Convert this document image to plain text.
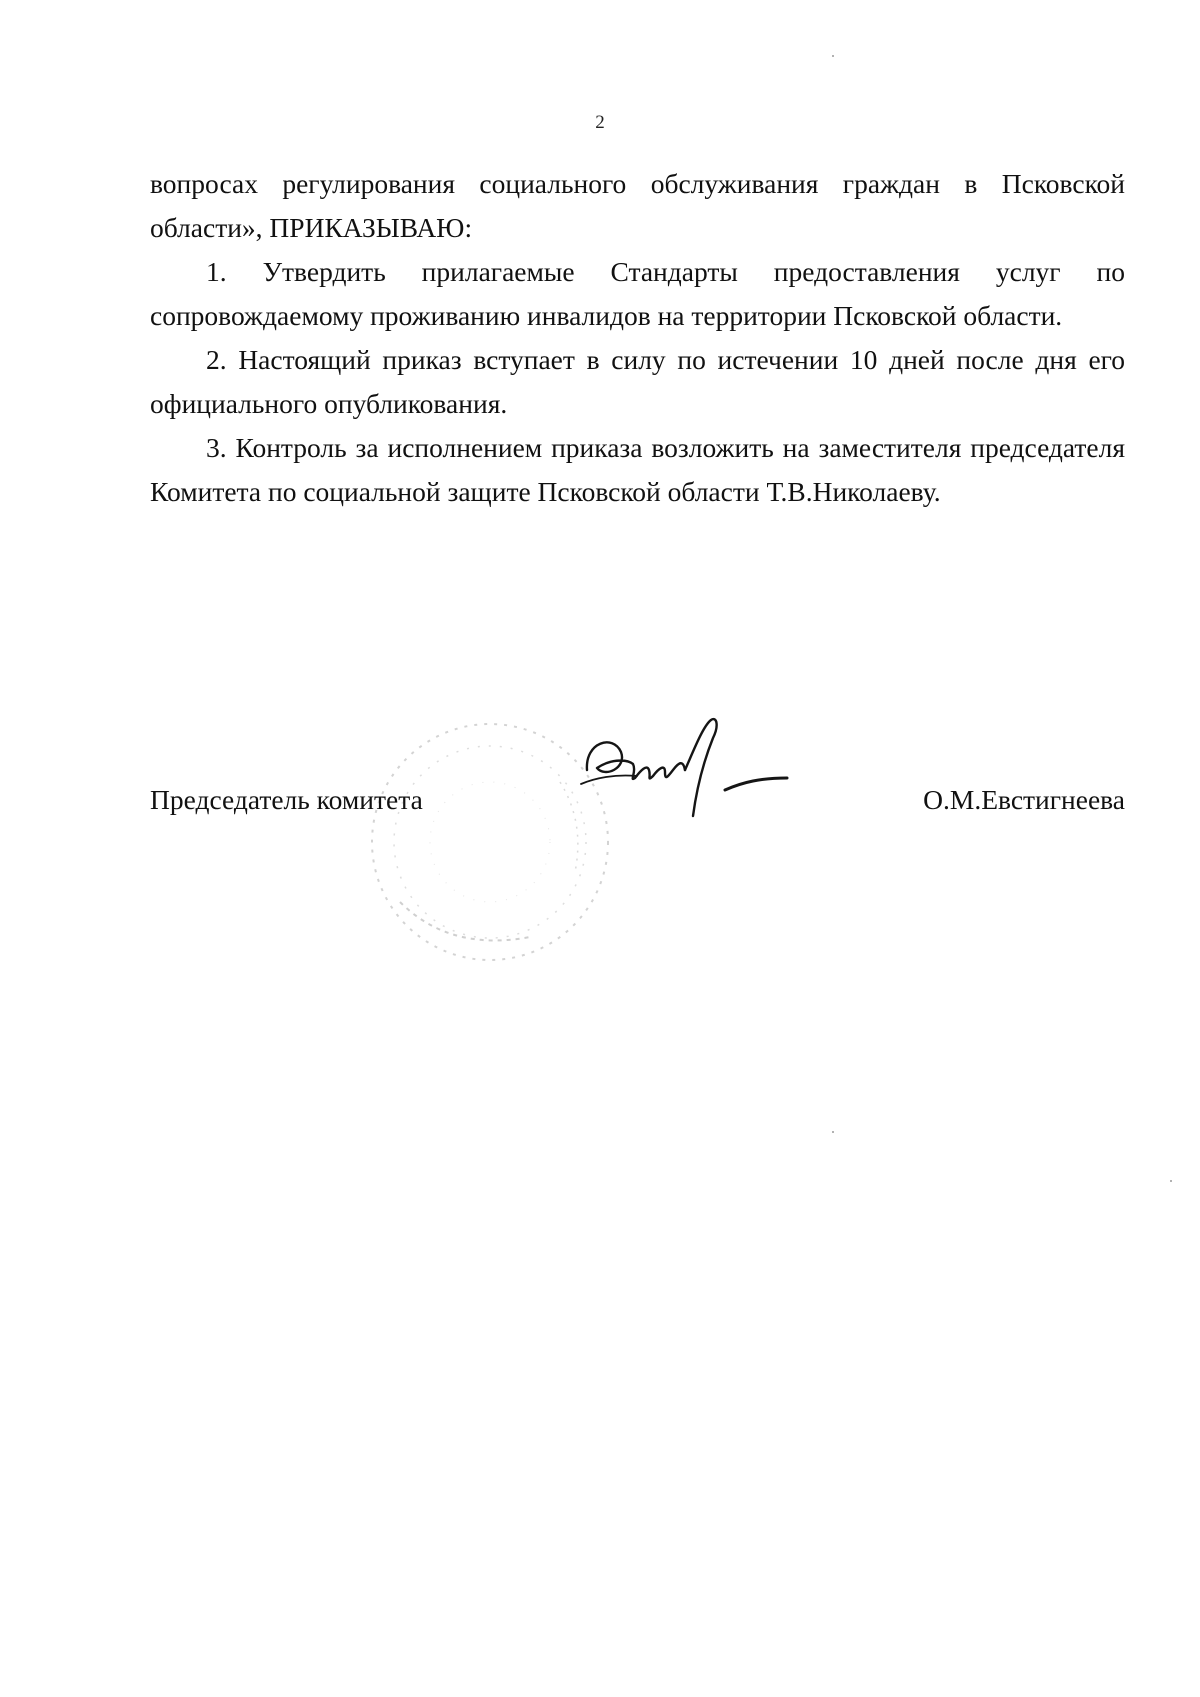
2

вопросах регулирования социального обслуживания граждан в Псковской области», ПРИКАЗЫВАЮ:

1. Утвердить прилагаемые Стандарты предоставления услуг по сопровождаемому проживанию инвалидов на территории Псковской области.

2. Настоящий приказ вступает в силу по истечении 10 дней после дня его официального опубликования.

3. Контроль за исполнением приказа возложить на заместителя председателя Комитета по социальной защите Псковской области Т.В.Николаеву.

Председатель комитета	О.М.Евстигнеева
